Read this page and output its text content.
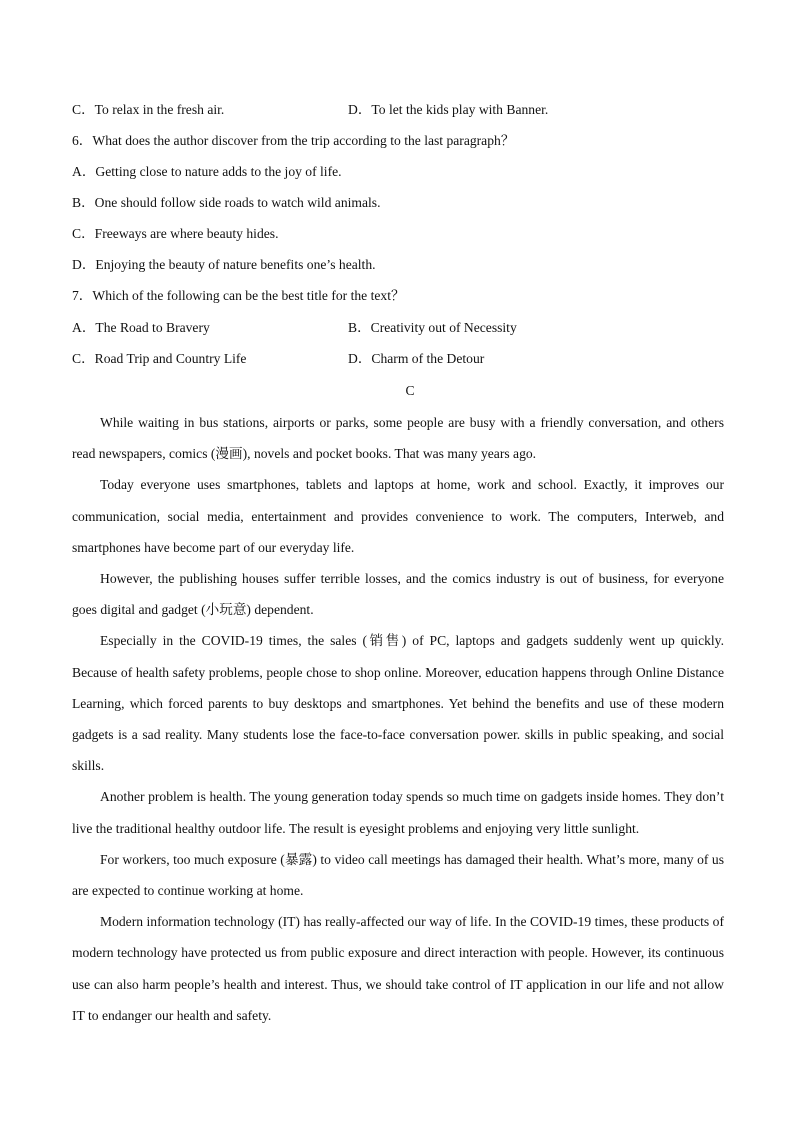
C．To relax in the fresh air.	D．To let the kids play with Banner.
6．What does the author discover from the trip according to the last paragraph？
A．Getting close to nature adds to the joy of life.
B．One should follow side roads to watch wild animals.
C．Freeways are where beauty hides.
D．Enjoying the beauty of nature benefits one’s health.
7．Which of the following can be the best title for the text？
A．The Road to Bravery	B．Creativity out of Necessity
C．Road Trip and Country Life	D．Charm of the Detour
C

While waiting in bus stations, airports or parks, some people are busy with a friendly conversation, and others read newspapers, comics (漫画), novels and pocket books. That was many years ago.

Today everyone uses smartphones, tablets and laptops at home, work and school. Exactly, it improves our communication, social media, entertainment and provides convenience to work. The computers, Interweb, and smartphones have become part of our everyday life.

However, the publishing houses suffer terrible losses, and the comics industry is out of business, for everyone goes digital and gadget (小玩意) dependent.

Especially in the COVID-19 times, the sales (销售) of PC, laptops and gadgets suddenly went up quickly. Because of health safety problems, people chose to shop online. Moreover, education happens through Online Distance Learning, which forced parents to buy desktops and smartphones. Yet behind the benefits and use of these modern gadgets is a sad reality. Many students lose the face-to-face conversation power. skills in public speaking, and social skills.

Another problem is health. The young generation today spends so much time on gadgets inside homes. They don’t live the traditional healthy outdoor life. The result is eyesight problems and enjoying very little sunlight.

For workers, too much exposure (暴露) to video call meetings has damaged their health. What’s more, many of us are expected to continue working at home.

Modern information technology (IT) has really-affected our way of life. In the COVID-19 times, these products of modern technology have protected us from public exposure and direct interaction with people. However, its continuous use can also harm people’s health and interest. Thus, we should take control of IT application in our life and not allow IT to endanger our health and safety.
